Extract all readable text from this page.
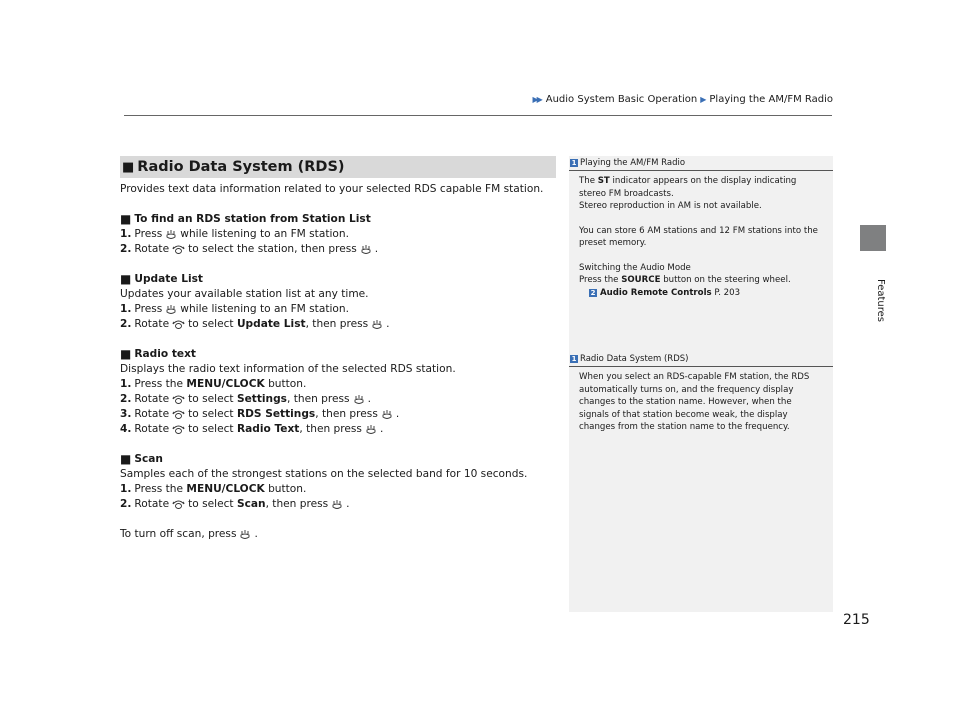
▶▶ Audio System Basic Operation ▶ Playing the AM/FM Radio
Features
■ Radio Data System (RDS)
Provides text data information related to your selected RDS capable FM station.
■ To find an RDS station from Station List
1. Press while listening to an FM station.
2. Rotate to select the station, then press .
■ Update List
Updates your available station list at any time.
1. Press while listening to an FM station.
2. Rotate to select
Update List , then press .
■ Radio text
Displays the radio text information of the selected RDS station.
1. Press the
MENU/CLOCK
button.
2. Rotate to select
Settings , then press .
3. Rotate to select
RDS Settings , then press .
4. Rotate to select
Radio Text , then press .
■ Scan
Samples each of the strongest stations on the selected band for 10 seconds.
1. Press the
MENU/CLOCK
button.
2. Rotate to select
Scan , then press .
To turn off scan, press .
1 Playing the AM/FM Radio

The ST indicator appears on the display indicating stereo FM broadcasts.

Stereo reproduction in AM is not available.

You can store 6 AM stations and 12 FM stations into the preset memory.

Switching the Audio Mode

Press the SOURCE button on the steering wheel.

2 Audio Remote Controls
P. 203
1 Radio Data System (RDS)

When you select an RDS-capable FM station, the RDS automatically turns on, and the frequency display changes to the station name. However, when the signals of that station become weak, the display changes from the station name to the frequency.

215
